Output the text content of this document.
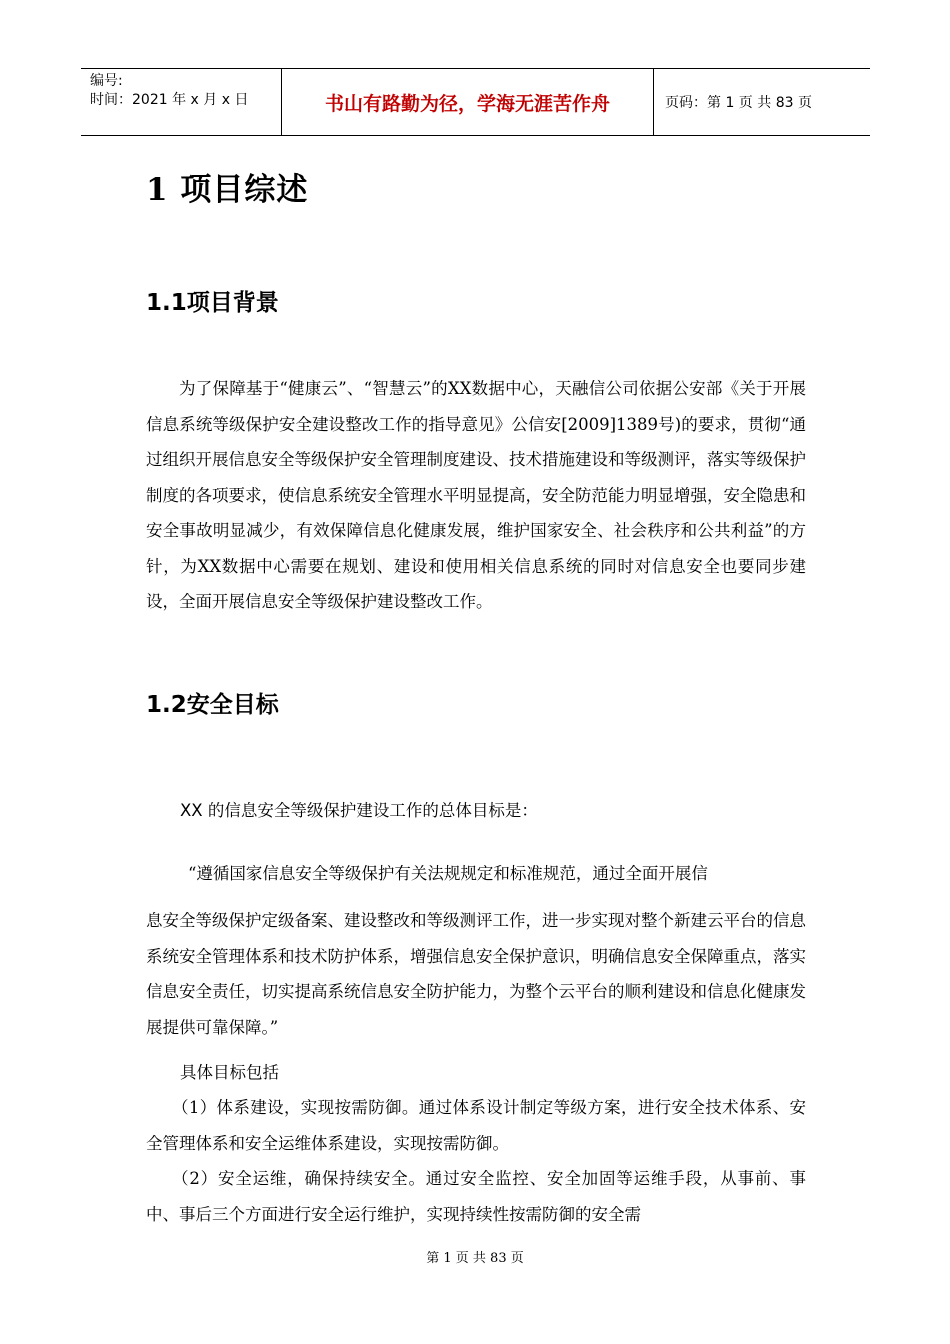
编号:
时间：2021 年 x 月 x 日	书山有路勤为径，学海无涯苦作舟	页码：第 1 页 共 83 页
1 项目综述
1.1项目背景
为了保障基于“健康云”、“智慧云”的XX数据中心，天融信公司依据公安部《关于开展信息系统等级保护安全建设整改工作的指导意见》公信安[2009]1389号)的要求，贯彻“通过组织开展信息安全等级保护安全管理制度建设、技术措施建设和等级测评，落实等级保护制度的各项要求，使信息系统安全管理水平明显提高，安全防范能力明显增强，安全隐患和安全事故明显减少，有效保障信息化健康发展，维护国家安全、社会秩序和公共利益”的方针，为XX数据中心需要在规划、建设和使用相关信息系统的同时对信息安全也要同步建设，全面开展信息安全等级保护建设整改工作。
1.2安全目标
XX 的信息安全等级保护建设工作的总体目标是：
“遵循国家信息安全等级保护有关法规规定和标准规范，通过全面开展信
息安全等级保护定级备案、建设整改和等级测评工作，进一步实现对整个新建云平台的信息系统安全管理体系和技术防护体系，增强信息安全保护意识，明确信息安全保障重点，落实信息安全责任，切实提高系统信息安全防护能力，为整个云平台的顺利建设和信息化健康发展提供可靠保障。”
具体目标包括
（1）体系建设，实现按需防御。通过体系设计制定等级方案，进行安全技术体系、安全管理体系和安全运维体系建设，实现按需防御。
（2）安全运维，确保持续安全。通过安全监控、安全加固等运维手段，从事前、事中、事后三个方面进行安全运行维护，实现持续性按需防御的安全需
第 1 页 共 83 页
